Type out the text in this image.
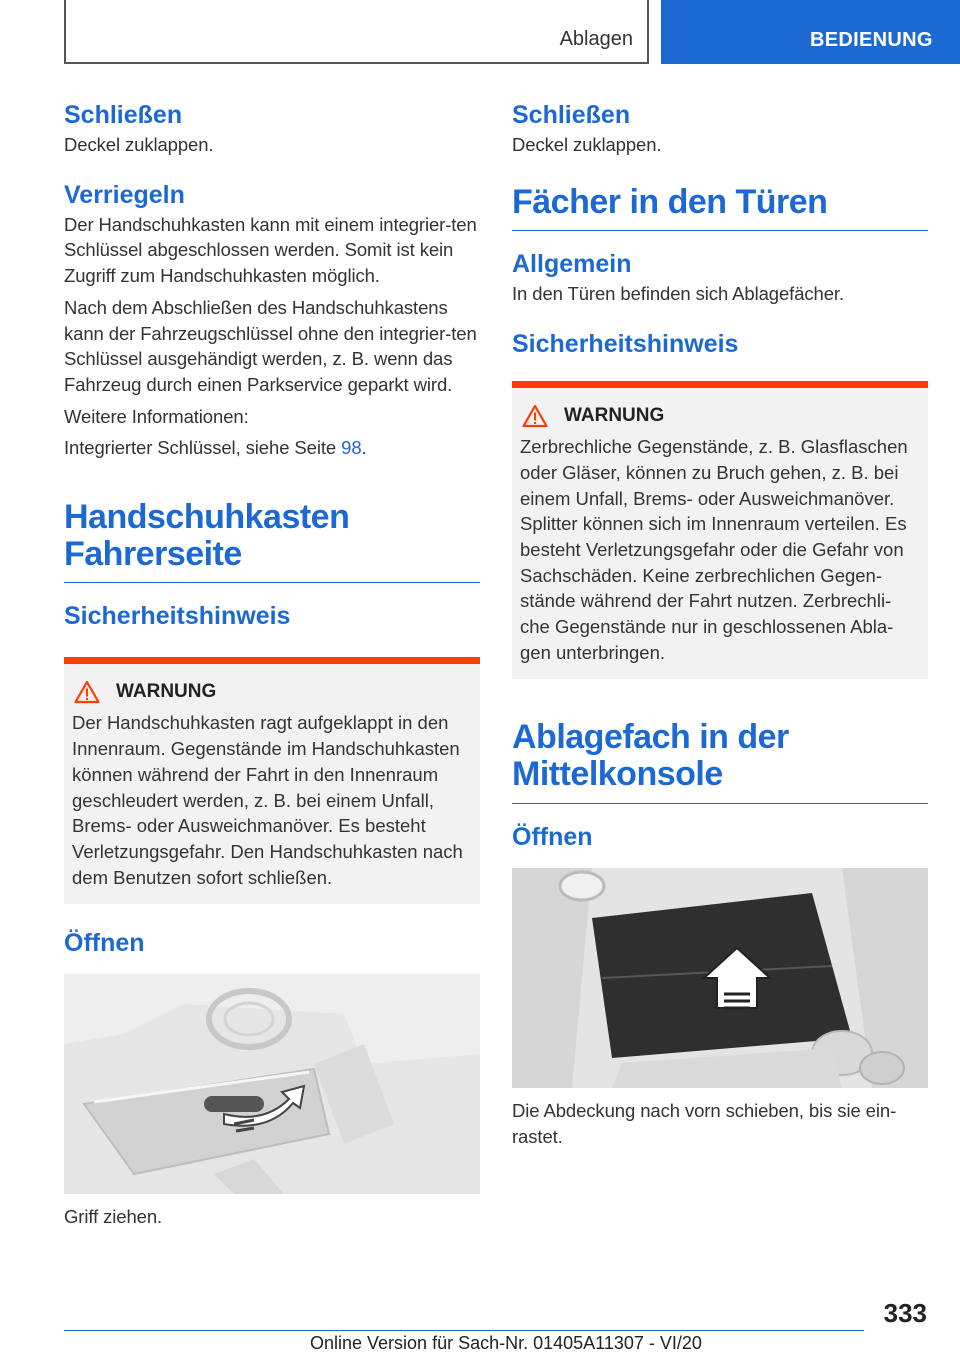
Ablagen	BEDIENUNG
Schließen
Deckel zuklappen.
Verriegeln
Der Handschuhkasten kann mit einem integrier-ten Schlüssel abgeschlossen werden. Somit ist kein Zugriff zum Handschuhkasten möglich.
Nach dem Abschließen des Handschuhkastens kann der Fahrzeugschlüssel ohne den integrier-ten Schlüssel ausgehändigt werden, z. B. wenn das Fahrzeug durch einen Parkservice geparkt wird.
Weitere Informationen:
Integrierter Schlüssel, siehe Seite 98.
Handschuhkasten Fahrerseite
Sicherheitshinweis
WARNUNG
Der Handschuhkasten ragt aufgeklappt in den Innenraum. Gegenstände im Handschuhkasten können während der Fahrt in den Innenraum geschleudert werden, z. B. bei einem Unfall, Brems- oder Ausweichmanöver. Es besteht Verletzungsgefahr. Den Handschuhkasten nach dem Benutzen sofort schließen.
Öffnen
Griff ziehen.
Schließen
Deckel zuklappen.
Fächer in den Türen
Allgemein
In den Türen befinden sich Ablagefächer.
Sicherheitshinweis
WARNUNG
Zerbrechliche Gegenstände, z. B. Glasflaschen oder Gläser, können zu Bruch gehen, z. B. bei einem Unfall, Brems- oder Ausweichmanöver. Splitter können sich im Innenraum verteilen. Es besteht Verletzungsgefahr oder die Gefahr von Sachschäden. Keine zerbrechlichen Gegen-stände während der Fahrt nutzen. Zerbrechli-che Gegenstände nur in geschlossenen Abla-gen unterbringen.
Ablagefach in der Mittelkonsole
Öffnen
Die Abdeckung nach vorn schieben, bis sie ein-rastet.
333
Online Version für Sach-Nr. 01405A11307 - VI/20
